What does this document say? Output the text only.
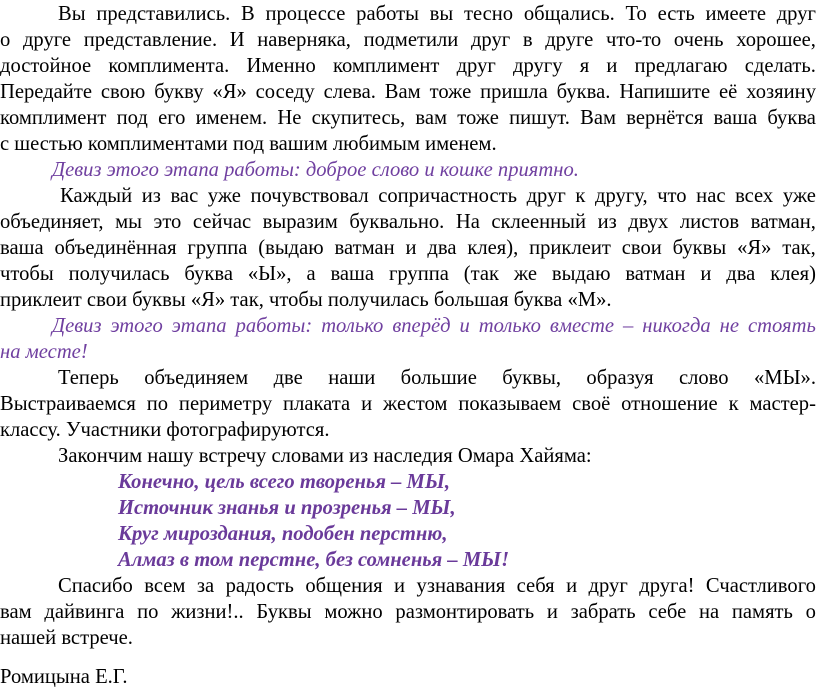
Вы представились. В процессе работы вы тесно общались. То есть имеете друг
о друге представление. И наверняка, подметили друг в друге что-то очень хорошее,
достойное комплимента. Именно комплимент друг другу я и предлагаю сделать.
Передайте свою букву «Я» соседу слева. Вам тоже пришла буква. Напишите её хозяину
комплимент под его именем. Не скупитесь, вам тоже пишут. Вам вернётся ваша буква
с шестью комплиментами под вашим любимым именем.
Девиз этого этапа работы: доброе слово и кошке приятно.
Каждый из вас уже почувствовал сопричастность друг к другу, что нас всех уже
объединяет, мы это сейчас выразим буквально. На склеенный из двух листов ватман,
ваша объединённая группа (выдаю ватман и два клея), приклеит свои буквы «Я» так,
чтобы получилась буква «Ы», а ваша группа (так же выдаю ватман и два клея)
приклеит свои буквы «Я» так, чтобы получилась большая буква «М».
Девиз этого этапа работы: только вперёд и только вместе – никогда не стоять
на месте!
Теперь объединяем две наши большие буквы, образуя слово «МЫ».
Выстраиваемся по периметру плаката и жестом показываем своё отношение к мастер-
классу. Участники фотографируются.
Закончим нашу встречу словами из наследия Омара Хайяма:
Конечно, цель всего творенья – МЫ,
Источник знанья и прозренья – МЫ,
Круг мироздания, подобен перстню,
Алмаз в том перстне, без сомненья – МЫ!
Спасибо всем за радость общения и узнавания себя и друг друга! Счастливого
вам дайвинга по жизни!.. Буквы можно размонтировать и забрать себе на память о
нашей встрече.
Ромицына Е.Г.
